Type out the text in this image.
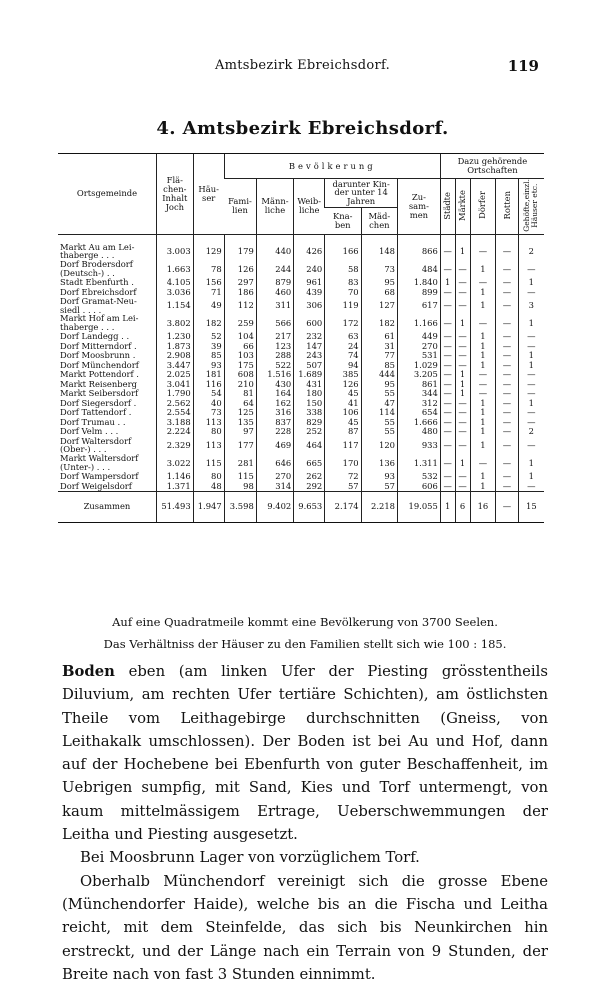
Amtsbezirk Ebreichsdorf.	119
4. Amtsbezirk Ebreichsdorf.
Ortsgemeinde	Flä-
chen-
Inhalt
Joch	Häu-
ser	Bevölkerung						Dazu gehörende
Ortschaften				
			Fami-
lien	Männ-
liche	Weib-
liche	darunter Kin-
der unter 14
Jahren		Zu-
sam-
men	Städte	Märkte	Dörfer	Rotten	Gehöfte,einzl.
Häuser etc.
						Kna-
ben	Mäd-
chen						
Markt Au am Lei-
thaberge . . .	3.003	129	179	440	426	166	148	866	—	1	—	—	2
Dorf Brodersdorf
(Deutsch-) . .	1.663	78	126	244	240	58	73	484	—	—	1	—	—
Stadt Ebenfurth .	4.105	156	297	879	961	83	95	1.840	1	—	—	—	1
Dorf Ebreichsdorf	3.036	71	186	460	439	70	68	899	—	—	1	—	—
Dorf Gramat-Neu-
siedl . . . .	1.154	49	112	311	306	119	127	617	—	—	1	—	3
Markt Hof am Lei-
thaberge . . .	3.802	182	259	566	600	172	182	1.166	—	1	—	—	1
Dorf Landegg . .	1.230	52	104	217	232	63	61	449	—	—	1	—	—
Dorf Mitterndorf .	1.873	39	66	123	147	24	31	270	—	—	1	—	—
Dorf Moosbrunn .	2.908	85	103	288	243	74	77	531	—	—	1	—	1
Dorf Münchendorf	3.447	93	175	522	507	94	85	1.029	—	—	1	—	1
Markt Pottendorf .	2.025	181	608	1.516	1.689	385	444	3.205	—	1	—	—	—
Markt Reisenberg	3.041	116	210	430	431	126	95	861	—	1	—	—	—
Markt Seibersdorf	1.790	54	81	164	180	45	55	344	—	1	—	—	—
Dorf Siegersdorf .	2.562	40	64	162	150	41	47	312	—	—	1	—	1
Dorf Tattendorf .	2.554	73	125	316	338	106	114	654	—	—	1	—	—
Dorf Trumau . .	3.188	113	135	837	829	45	55	1.666	—	—	1	—	—
Dorf Velm . . .	2.224	80	97	228	252	87	55	480	—	—	1	—	2
Dorf Waltersdorf
(Ober-) . . .	2.329	113	177	469	464	117	120	933	—	—	1	—	—
Markt Waltersdorf
(Unter-) . . .	3.022	115	281	646	665	170	136	1.311	—	1	—	—	1
Dorf Wampersdorf	1.146	80	115	270	262	72	93	532	—	—	1	—	1
Dorf Weigelsdorf	1.371	48	98	314	292	57	57	606	—	—	1	—	—
Zusammen	51.493	1.947	3.598	9.402	9.653	2.174	2.218	19.055	1	6	16	—	15
Auf eine Quadratmeile kommt eine Bevölkerung von 3700 Seelen.
Das Verhältniss der Häuser zu den Familien stellt sich wie 100 : 185.

Boden eben (am linken Ufer der Piesting grösstentheils Diluvium, am rechten Ufer tertiäre Schichten), am östlichsten Theile vom Leithagebirge durchschnitten (Gneiss, von Leithakalk umschlossen). Der Boden ist bei Au und Hof, dann auf der Hochebene bei Ebenfurth von guter Beschaffenheit, im Uebrigen sumpfig, mit Sand, Kies und Torf untermengt, von kaum mittelmässigem Ertrage, Ueberschwemmungen der Leitha und Piesting ausgesetzt.

Bei Moosbrunn Lager von vorzüglichem Torf.

Oberhalb Münchendorf vereinigt sich die grosse Ebene (Münchendorfer Haide), welche bis an die Fischa und Leitha reicht, mit dem Steinfelde, das sich bis Neunkirchen hin erstreckt, und der Länge nach ein Terrain von 9 Stunden, der Breite nach von fast 3 Stunden einnimmt.
